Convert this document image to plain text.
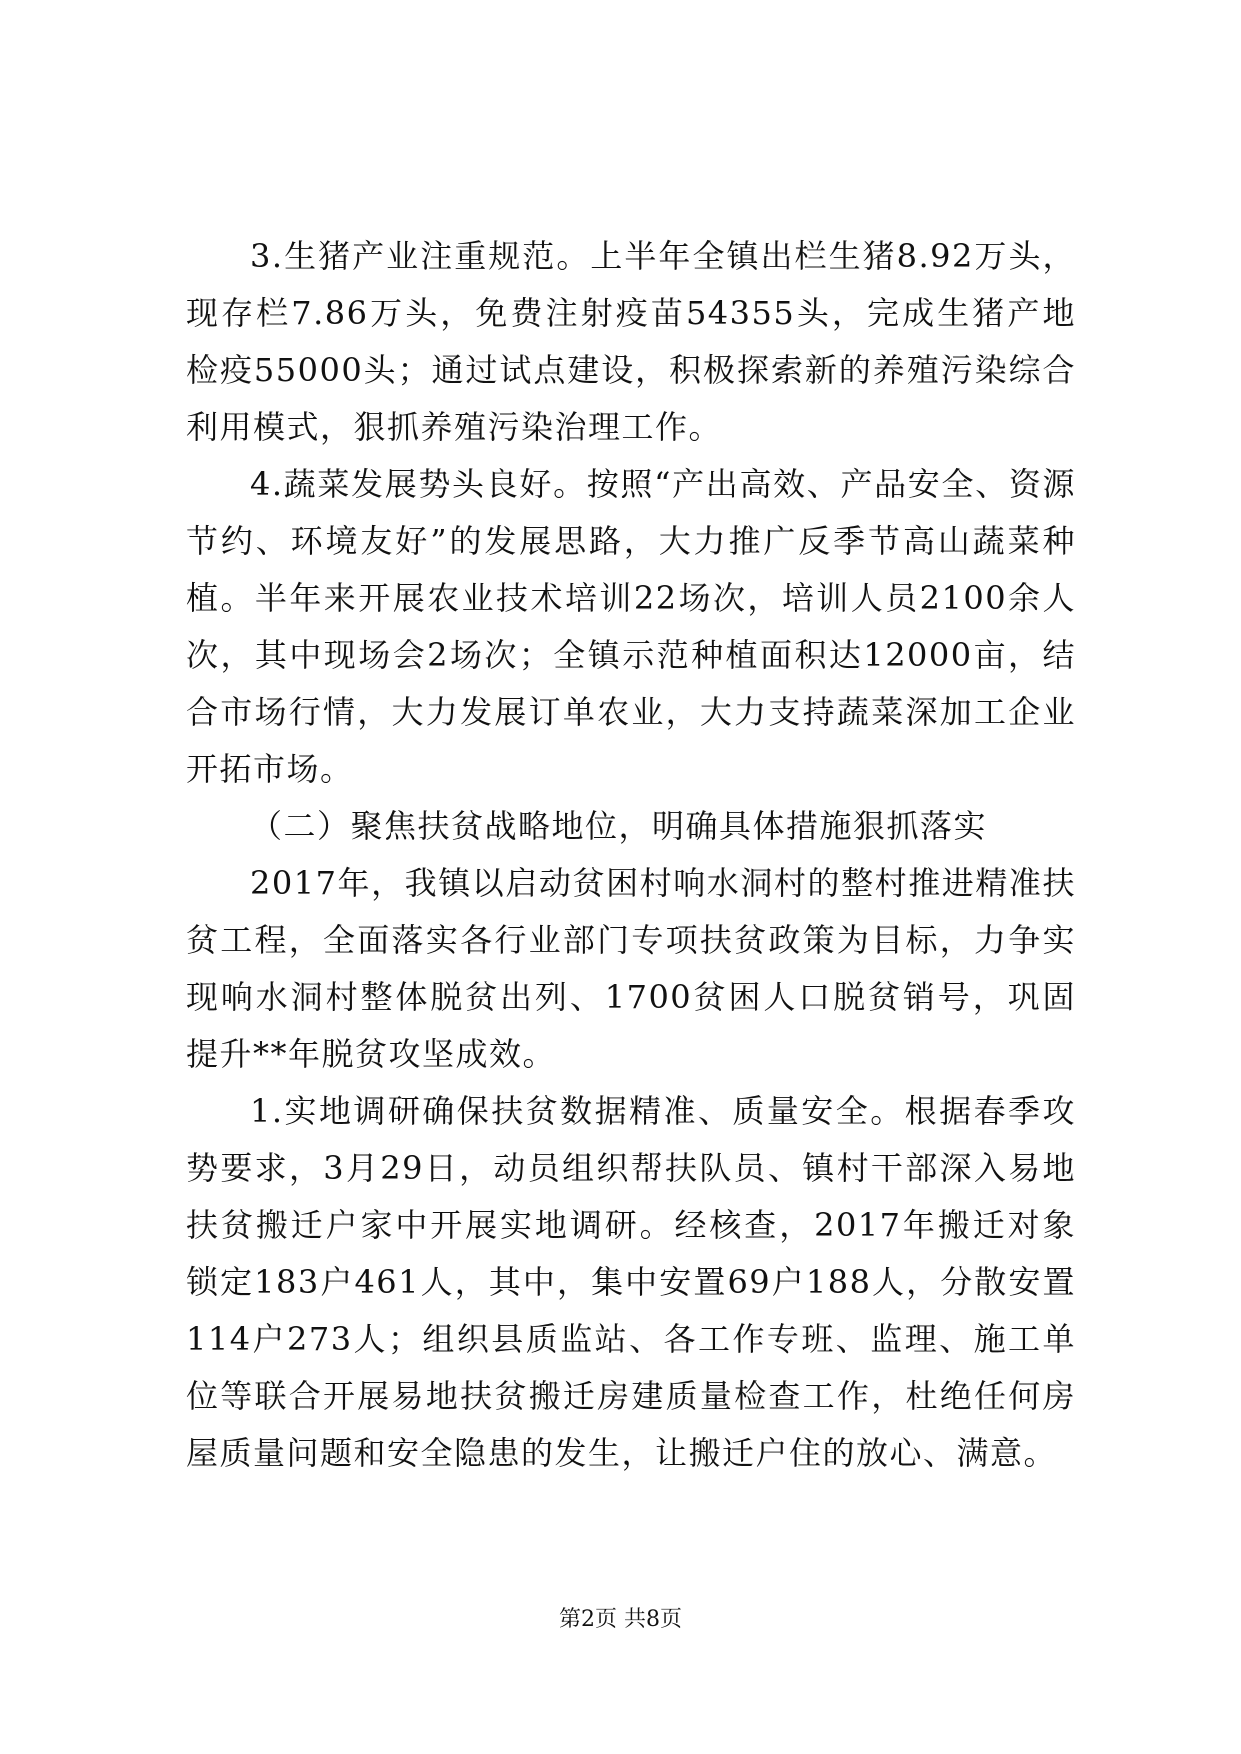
3.生猪产业注重规范。上半年全镇出栏生猪8.92万头，现存栏7.86万头，免费注射疫苗54355头，完成生猪产地检疫55000头；通过试点建设，积极探索新的养殖污染综合利用模式，狠抓养殖污染治理工作。

4.蔬菜发展势头良好。按照“产出高效、产品安全、资源节约、环境友好”的发展思路，大力推广反季节高山蔬菜种植。半年来开展农业技术培训22场次，培训人员2100余人次，其中现场会2场次；全镇示范种植面积达12000亩，结合市场行情，大力发展订单农业，大力支持蔬菜深加工企业开拓市场。

（二）聚焦扶贫战略地位，明确具体措施狠抓落实

2017年，我镇以启动贫困村响水洞村的整村推进精准扶贫工程，全面落实各行业部门专项扶贫政策为目标，力争实现响水洞村整体脱贫出列、1700贫困人口脱贫销号，巩固提升**年脱贫攻坚成效。

1.实地调研确保扶贫数据精准、质量安全。根据春季攻势要求，3月29日，动员组织帮扶队员、镇村干部深入易地扶贫搬迁户家中开展实地调研。经核查，2017年搬迁对象锁定183户461人，其中，集中安置69户188人，分散安置114户273人；组织县质监站、各工作专班、监理、施工单位等联合开展易地扶贫搬迁房建质量检查工作，杜绝任何房屋质量问题和安全隐患的发生，让搬迁户住的放心、满意。

第2页 共8页
